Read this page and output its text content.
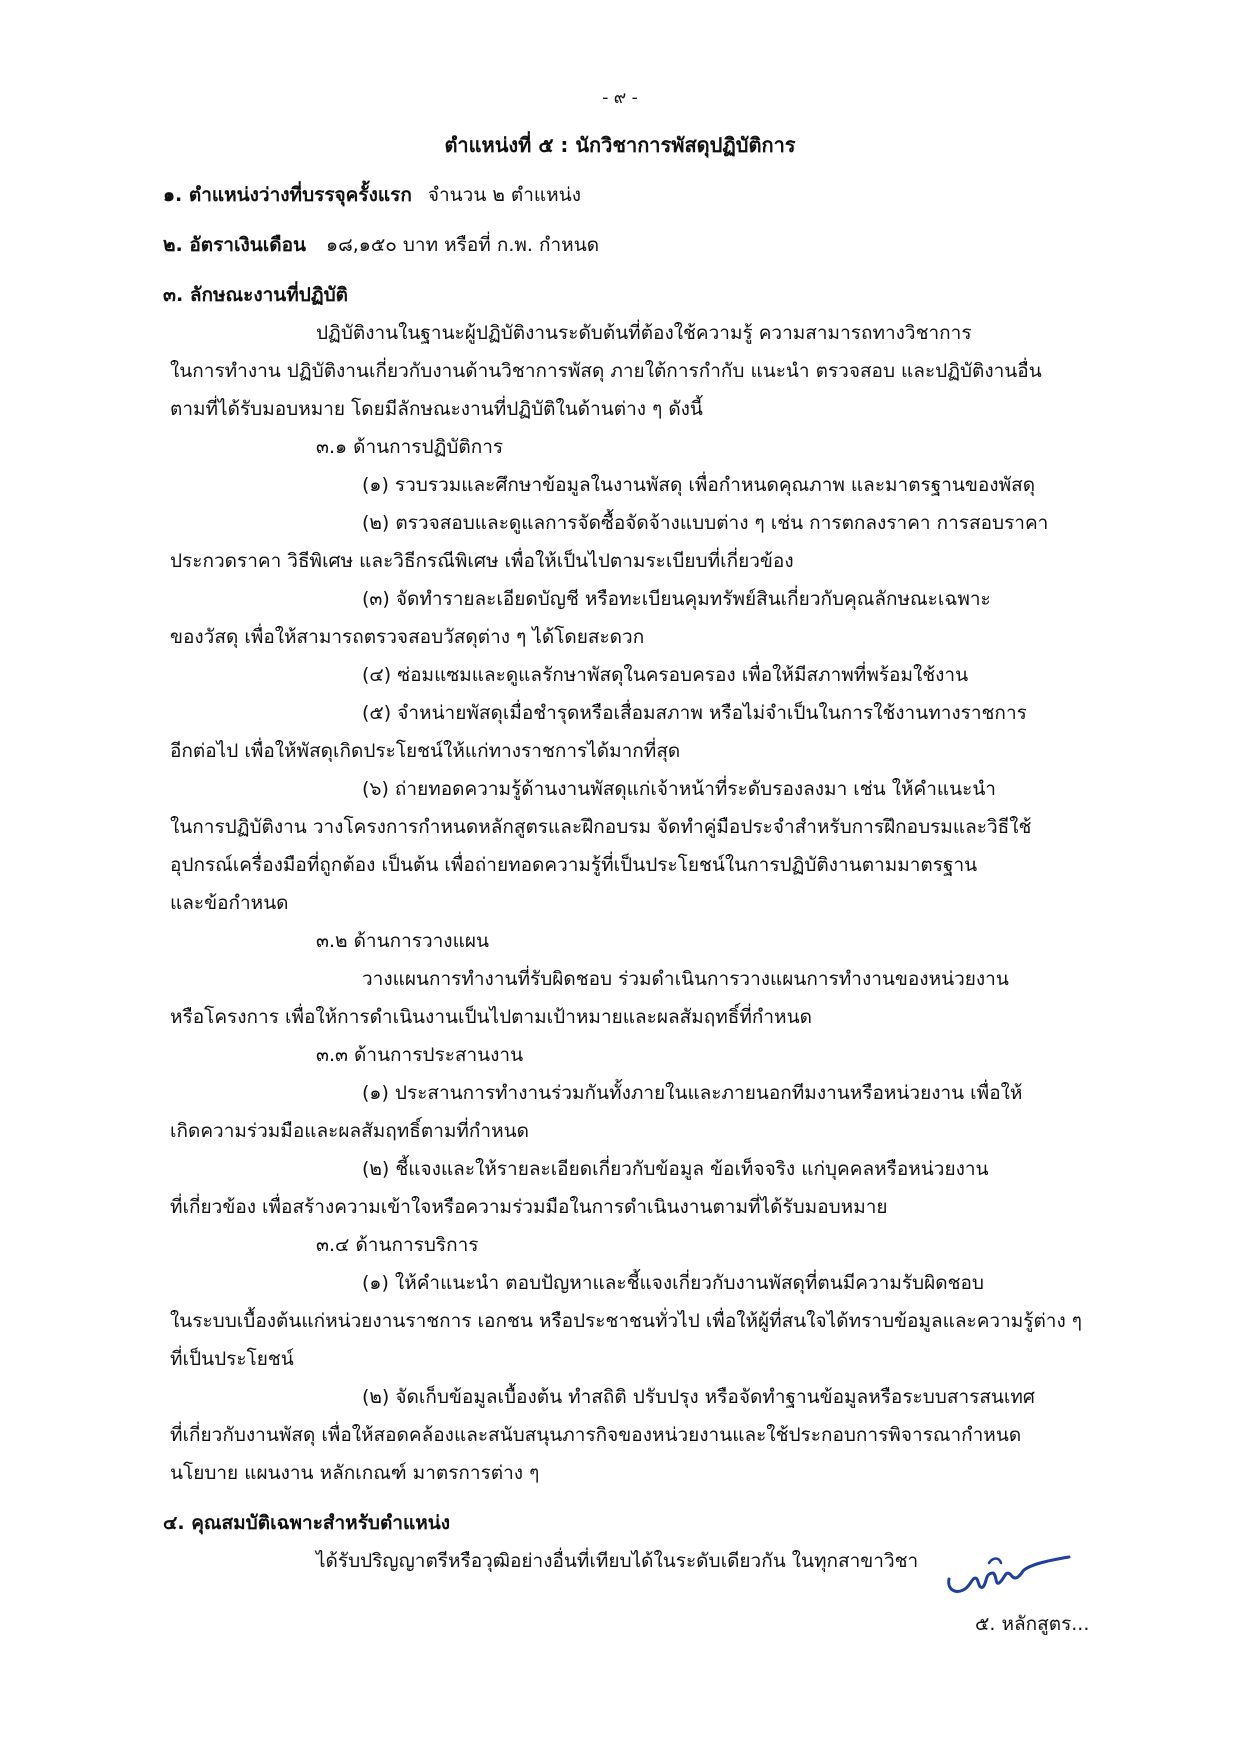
- ๙ -
ตำแหน่งที่ ๕ : นักวิชาการพัสดุปฏิบัติการ
๑. ตำแหน่งว่างที่บรรจุครั้งแรก จำนวน ๒ ตำแหน่ง
๒. อัตราเงินเดือน ๑๘,๑๕๐ บาท หรือที่ ก.พ. กำหนด
๓. ลักษณะงานที่ปฏิบัติ
ปฏิบัติงานในฐานะผู้ปฏิบัติงานระดับต้นที่ต้องใช้ความรู้ ความสามารถทางวิชาการ
ในการทำงาน ปฏิบัติงานเกี่ยวกับงานด้านวิชาการพัสดุ ภายใต้การกำกับ แนะนำ ตรวจสอบ และปฏิบัติงานอื่น
ตามที่ได้รับมอบหมาย โดยมีลักษณะงานที่ปฏิบัติในด้านต่าง ๆ ดังนี้
๓.๑ ด้านการปฏิบัติการ
(๑) รวบรวมและศึกษาข้อมูลในงานพัสดุ เพื่อกำหนดคุณภาพ และมาตรฐานของพัสดุ
(๒) ตรวจสอบและดูแลการจัดซื้อจัดจ้างแบบต่าง ๆ เช่น การตกลงราคา การสอบราคา
ประกวดราคา วิธีพิเศษ และวิธีกรณีพิเศษ เพื่อให้เป็นไปตามระเบียบที่เกี่ยวข้อง
(๓) จัดทำรายละเอียดบัญชี หรือทะเบียนคุมทรัพย์สินเกี่ยวกับคุณลักษณะเฉพาะ
ของวัสดุ เพื่อให้สามารถตรวจสอบวัสดุต่าง ๆ ได้โดยสะดวก
(๔) ซ่อมแซมและดูแลรักษาพัสดุในครอบครอง เพื่อให้มีสภาพที่พร้อมใช้งาน
(๕) จำหน่ายพัสดุเมื่อชำรุดหรือเสื่อมสภาพ หรือไม่จำเป็นในการใช้งานทางราชการ
อีกต่อไป เพื่อให้พัสดุเกิดประโยชน์ให้แก่ทางราชการได้มากที่สุด
(๖) ถ่ายทอดความรู้ด้านงานพัสดุแก่เจ้าหน้าที่ระดับรองลงมา เช่น ให้คำแนะนำ
ในการปฏิบัติงาน วางโครงการกำหนดหลักสูตรและฝึกอบรม จัดทำคู่มือประจำสำหรับการฝึกอบรมและวิธีใช้
อุปกรณ์เครื่องมือที่ถูกต้อง เป็นต้น เพื่อถ่ายทอดความรู้ที่เป็นประโยชน์ในการปฏิบัติงานตามมาตรฐาน
และข้อกำหนด
๓.๒ ด้านการวางแผน
วางแผนการทำงานที่รับผิดชอบ ร่วมดำเนินการวางแผนการทำงานของหน่วยงาน
หรือโครงการ เพื่อให้การดำเนินงานเป็นไปตามเป้าหมายและผลสัมฤทธิ์ที่กำหนด
๓.๓ ด้านการประสานงาน
(๑) ประสานการทำงานร่วมกันทั้งภายในและภายนอกทีมงานหรือหน่วยงาน เพื่อให้
เกิดความร่วมมือและผลสัมฤทธิ์ตามที่กำหนด
(๒) ชี้แจงและให้รายละเอียดเกี่ยวกับข้อมูล ข้อเท็จจริง แก่บุคคลหรือหน่วยงาน
ที่เกี่ยวข้อง เพื่อสร้างความเข้าใจหรือความร่วมมือในการดำเนินงานตามที่ได้รับมอบหมาย
๓.๔ ด้านการบริการ
(๑) ให้คำแนะนำ ตอบปัญหาและชี้แจงเกี่ยวกับงานพัสดุที่ตนมีความรับผิดชอบ
ในระบบเบื้องต้นแก่หน่วยงานราชการ เอกชน หรือประชาชนทั่วไป เพื่อให้ผู้ที่สนใจได้ทราบข้อมูลและความรู้ต่าง ๆ
ที่เป็นประโยชน์
(๒) จัดเก็บข้อมูลเบื้องต้น ทำสถิติ ปรับปรุง หรือจัดทำฐานข้อมูลหรือระบบสารสนเทศ
ที่เกี่ยวกับงานพัสดุ เพื่อให้สอดคล้องและสนับสนุนภารกิจของหน่วยงานและใช้ประกอบการพิจารณากำหนด
นโยบาย แผนงาน หลักเกณฑ์ มาตรการต่าง ๆ
๔. คุณสมบัติเฉพาะสำหรับตำแหน่ง
ได้รับปริญญาตรีหรือวุฒิอย่างอื่นที่เทียบได้ในระดับเดียวกัน ในทุกสาขาวิชา
๕. หลักสูตร...
